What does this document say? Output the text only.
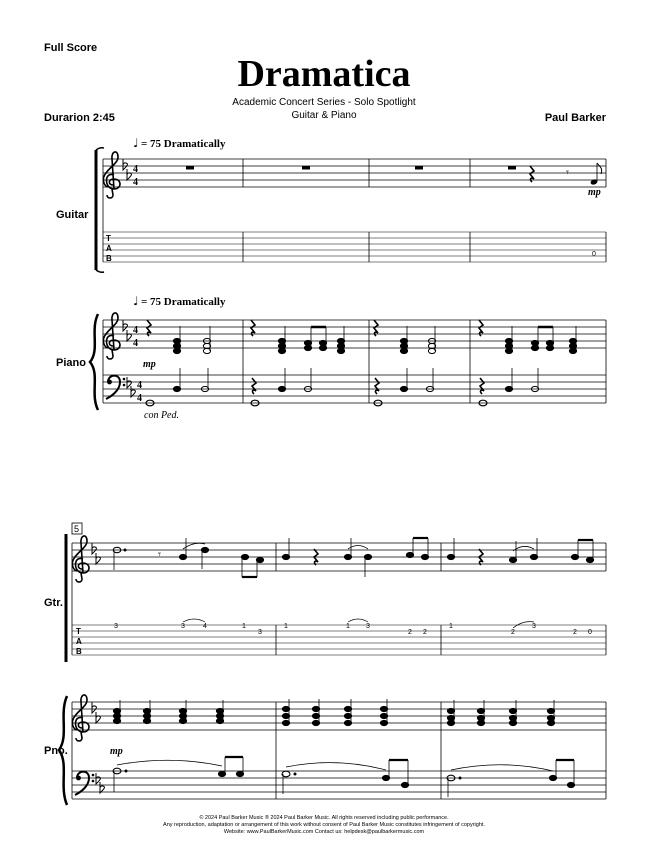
Full Score
Dramatica
Academic Concert Series - Solo Spotlight
Guitar & Piano
Durarion 2:45	Paul Barker
4
4
T
A
B
𝄾
♩ = 75 Dramatically
mp
0
Guitar
♩ = 75 Dramatically
4
4
4
4
mp
Piano
con Ped.
5
T
A
B
Gtr.
𝄾
3	3	4	1
3
1	1 3
2 2
1
2
3
2 0
Pno.	mp
© 2024 Paul Barker Music ® 2024 Paul Barker Music. All rights reserved including public performance.
Any reproduction, adaptation or arrangement of this work without consent of Paul Barker Music constitutes infringement of copyright.
Website: www.PaulBarkerMusic.com Contact us: helpdesk@paulbarkermusic.com
